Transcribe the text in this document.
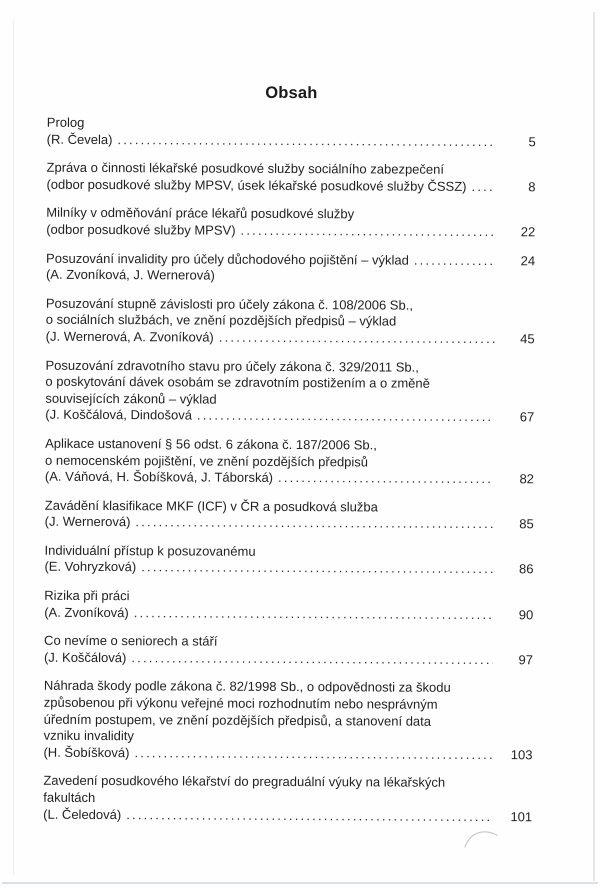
Obsah
Prolog
(R. Čevela) .....	5
Zpráva o činnosti lékařské posudkové služby sociálního zabezpečení
(odbor posudkové služby MPSV, úsek lékařské posudkové služby ČSSZ) .....	8
Milníky v odměňování práce lékařů posudkové služby
(odbor posudkové služby MPSV) .....	22
Posuzování invalidity pro účely důchodového pojištění – výklad .....	24
(A. Zvoníková, J. Wernerová)
Posuzování stupně závislosti pro účely zákona č. 108/2006 Sb.,
o sociálních službách, ve znění pozdějších předpisů – výklad
(J. Wernerová, A. Zvoníková) .....	45
Posuzování zdravotního stavu pro účely zákona č. 329/2011 Sb.,
o poskytování dávek osobám se zdravotním postižením a o změně
souvisejících zákonů – výklad
(J. Koščálová, Dindošová .....	67
Aplikace ustanovení § 56 odst. 6 zákona č. 187/2006 Sb.,
o nemocenském pojištění, ve znění pozdějších předpisů
(A. Váňová, H. Šobíšková, J. Táborská) .....	82
Zavádění klasifikace MKF (ICF) v ČR a posudková služba
(J. Wernerová) .....	85
Individuální přístup k posuzovanému
(E. Vohryzková) .....	86
Rizika při práci
(A. Zvoníková) .....	90
Co nevíme o seniorech a stáří
(J. Koščálová) .....	97
Náhrada škody podle zákona č. 82/1998 Sb., o odpovědnosti za škodu
způsobenou při výkonu veřejné moci rozhodnutím nebo nesprávným
úředním postupem, ve znění pozdějších předpisů, a stanovení data
vzniku invalidity
(H. Šobíšková) .....	103
Zavedení posudkového lékařství do pregraduální výuky na lékařských
fakultách
(L. Čeledová) .....	101
